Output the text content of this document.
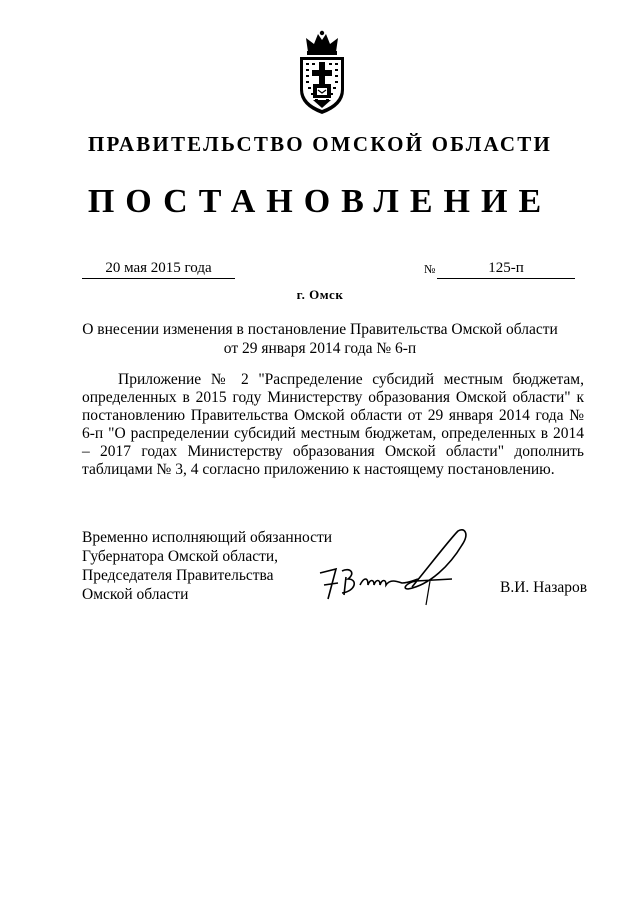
ПРАВИТЕЛЬСТВО ОМСКОЙ ОБЛАСТИ
ПОСТАНОВЛЕНИЕ
20 мая 2015 года	№	125-п
г. Омск
О внесении изменения в постановление Правительства Омской области
от 29 января 2014 года № 6-п
Приложение № 2 "Распределение субсидий местным бюджетам, определенных в 2015 году Министерству образования Омской области" к постановлению Правительства Омской области от 29 января 2014 года № 6-п "О распределении субсидий местным бюджетам, определенных в 2014 – 2017 годах Министерству образования Омской области" дополнить таблицами № 3, 4 согласно приложению к настоящему постановлению.
Временно исполняющий обязанности
Губернатора Омской области,
Председателя Правительства
Омской области	В.И. Назаров
